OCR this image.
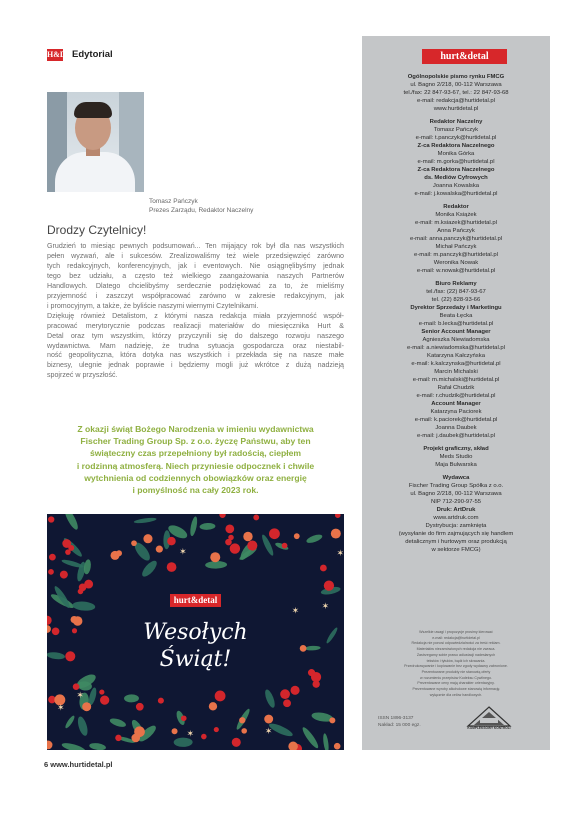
H&D Edytorial
Tomasz Pańczyk
Prezes Zarządu, Redaktor Naczelny
Drodzy Czytelnicy!
Grudzień to miesiąc pewnych podsumowań... Ten mijający rok był dla nas wszystkich
pełen wyzwań, ale i sukcesów. Zrealizowaliśmy też wiele przedsięwzięć zarówno
tych redakcyjnych, konferencyjnych, jak i eventowych. Nie osiągnęlibyśmy jednak
tego bez udziału, a często też wielkiego zaangażowania naszych Partnerów
Handlowych. Dlatego chcielibyśmy serdecznie podziękować za to, że mieliśmy
przyjemność i zaszczyt współpracować zarówno w zakresie redakcyjnym, jak
i promocyjnym, a także, że byliście naszymi wiernymi Czytelnikami.
Dziękuję również Detalistom, z którymi nasza redakcja miała przyjemność współ-
pracować merytorycznie podczas realizacji materiałów do miesięcznika Hurt &
Detal oraz tym wszystkim, którzy przyczynili się do dalszego rozwoju naszego
wydawnictwa. Mam nadzieję, że trudna sytuacja gospodarcza oraz niestabil-
ność geopolityczna, która dotyka nas wszystkich i przekłada się na nasze małe
biznesy, ulegnie jednak poprawie i będziemy mogli już wkrótce z dużą nadzieją
spojrzeć w przyszłość.
Z okazji świąt Bożego Narodzenia w imieniu wydawnictwa
Fischer Trading Group Sp. z o.o. życzę Państwu, aby ten
świąteczny czas przepełniony był radością, ciepłem
i rodzinną atmosferą. Niech przyniesie odpocznek i chwile
wytchnienia od codziennych obowiązków oraz energię
i pomyślność na cały 2023 rok.
✶
✶
✶
✶
✶	✶
✶
✶
hurt&detal
Wesołych
Świąt!
6 www.hurtidetal.pl
hurt&detal
Ogólnopolskie pismo rynku FMCG
ul. Bagno 2/218, 00-112 Warszawa
tel./fax: 22 847-93-67, tel.: 22 847-93-68
e-mail: redakcja@hurtidetal.pl
www.hurtidetal.pl
Redaktor Naczelny
Tomasz Pańczyk
e-mail: t.panczyk@hurtidetal.pl
Z-ca Redaktora Naczelnego
Monika Górka
e-mail: m.gorka@hurtidetal.pl
Z-ca Redaktora Naczelnego
ds. Mediów Cyfrowych
Joanna Kowalska
e-mail: j.kowalska@hurtidetal.pl
Redaktor
Monika Książek
e-mail: m.ksiazek@hurtidetal.pl
Anna Pańczyk
e-mail: anna.panczyk@hurtidetal.pl
Michał Pańczyk
e-mail: m.panczyk@hurtidetal.pl
Weronika Nowak
e-mail: w.nowak@hurtidetal.pl
Biuro Reklamy
tel./fax: (22) 847-93-67
tel. (22) 828-93-66
Dyrektor Sprzedaży i Marketingu
Beata Łęcka
e-mail: b.lecka@hurtidetal.pl
Senior Account Manager
Agnieszka Niewiadomska
e-mail: a.niewiadomska@hurtidetal.pl
Katarzyna Kałczyńska
e-mail: k.kalczynska@hurtidetal.pl
Marcin Michalski
e-mail: m.michalski@hurtidetal.pl
Rafał Chudzik
e-mail: r.chudzik@hurtidetal.pl
Account Manager
Katarzyna Paciorek
e-mail: k.paciorek@hurtidetal.pl
Joanna Daubek
e-mail: j.daubek@hurtidetal.pl
Projekt graficzny, skład
Meds Studio
Maja Bulwarska
Wydawca
Fischer Trading Group Spółka z o.o.
ul. Bagno 2/218, 00-112 Warszawa
NIP 712-290-97-55
Druk: ArtDruk
www.artdruk.com
Dystrybucja: zamknięta
(wysyłanie do firm zajmujących się handlem
detalicznym i hurtowym oraz produkcją
w sektorze FMCG)
Wszelkie uwagi i propozycje prosimy kierować
e-mail: redakcja@hurtidetal.pl
Redakcja nie ponosi odpowiedzialności za treść reklam.
Materiałów niezamówionych redakcja nie zwraca.
Zastrzegamy sobie prawo adiustacji nadesłanych
tekstów i tytułów, bądź ich skracania.
Przedrukowywanie i kopiowanie bez zgody wydawcy zabronione.
Prezentowane produkty nie stanowią oferty
w rozumieniu przepisów Kodeksu Cywilnego.
Prezentowane ceny mają charakter orientacyjny.
Prezentowane wyroby alkoholowe stanowią informację
wyłącznie dla celów handlowych.
ISSN 1896-3137
Nakład: 15 000 egz.
KOMPLEKSOWY KONTROLI
